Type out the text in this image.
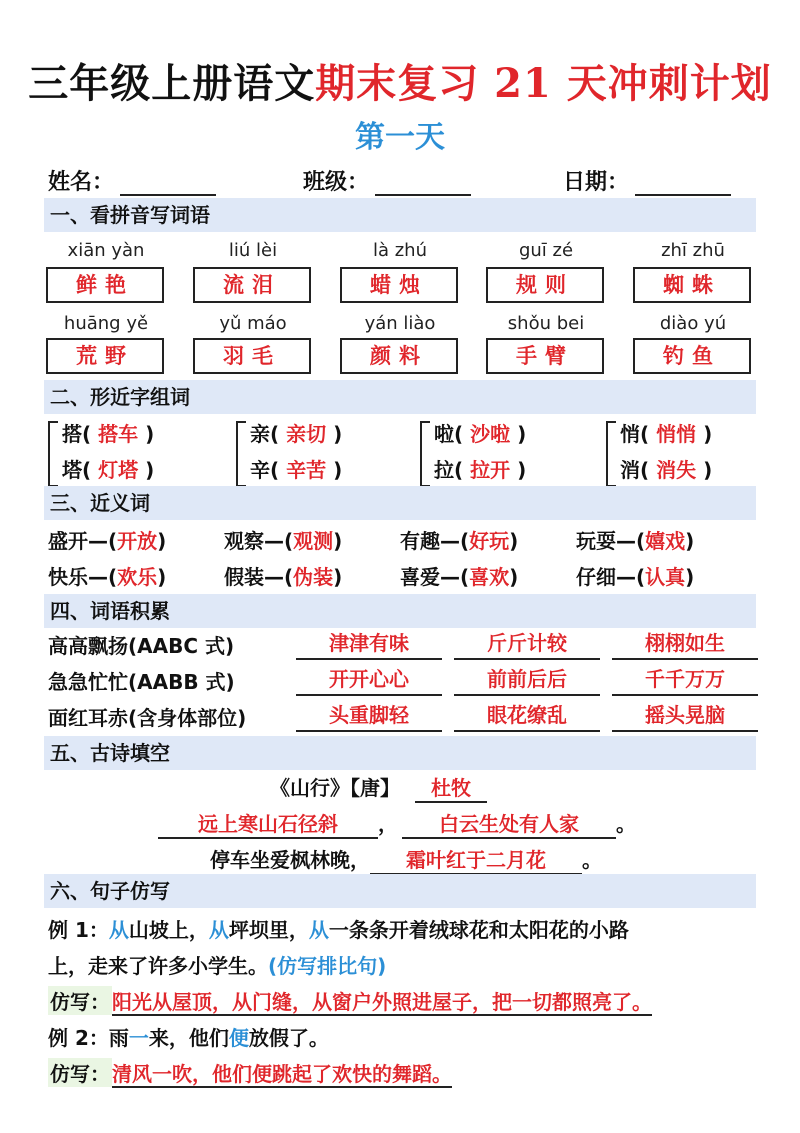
三年级上册语文期末复习 21 天冲刺计划
第一天
姓名：	班级：	日期：
一、看拼音写词语
xiān yàn	liú lèi	là zhú	guī zé	zhī zhū
鲜艳	流泪	蜡烛	规则	蜘蛛
huāng yě	yǔ máo	yán liào	shǒu bei	diào yú
荒野	羽毛	颜料	手臂	钓鱼
二、形近字组词
搭( 搭车 )
塔( 灯塔 )
亲( 亲切 )
辛( 辛苦 )
啦( 沙啦 )
拉( 拉开 )
悄( 悄悄 )
消( 消失 )
三、近义词
盛开—(开放)	观察—(观测)	有趣—(好玩)	玩耍—(嬉戏)
快乐—(欢乐)	假装—(伪装)	喜爱—(喜欢)	仔细—(认真)
四、词语积累
高高飘扬(AABC 式)	津津有味	斤斤计较	栩栩如生
急急忙忙(AABB 式)	开开心心	前前后后	千千万万
面红耳赤(含身体部位)	头重脚轻	眼花缭乱	摇头晃脑
五、古诗填空
《山行》【唐】 杜牧
远上寒山石径斜 ， 白云生处有人家 。
停车坐爱枫林晚， 霜叶红于二月花 。
六、句子仿写
例 1：从山坡上，从坪坝里，从一条条开着绒球花和太阳花的小路
上，走来了许多小学生。(仿写排比句)
仿写： 阳光从屋顶，从门缝，从窗户外照进屋子，把一切都照亮了。
例 2：雨一来，他们便放假了。
仿写： 清风一吹，他们便跳起了欢快的舞蹈。
